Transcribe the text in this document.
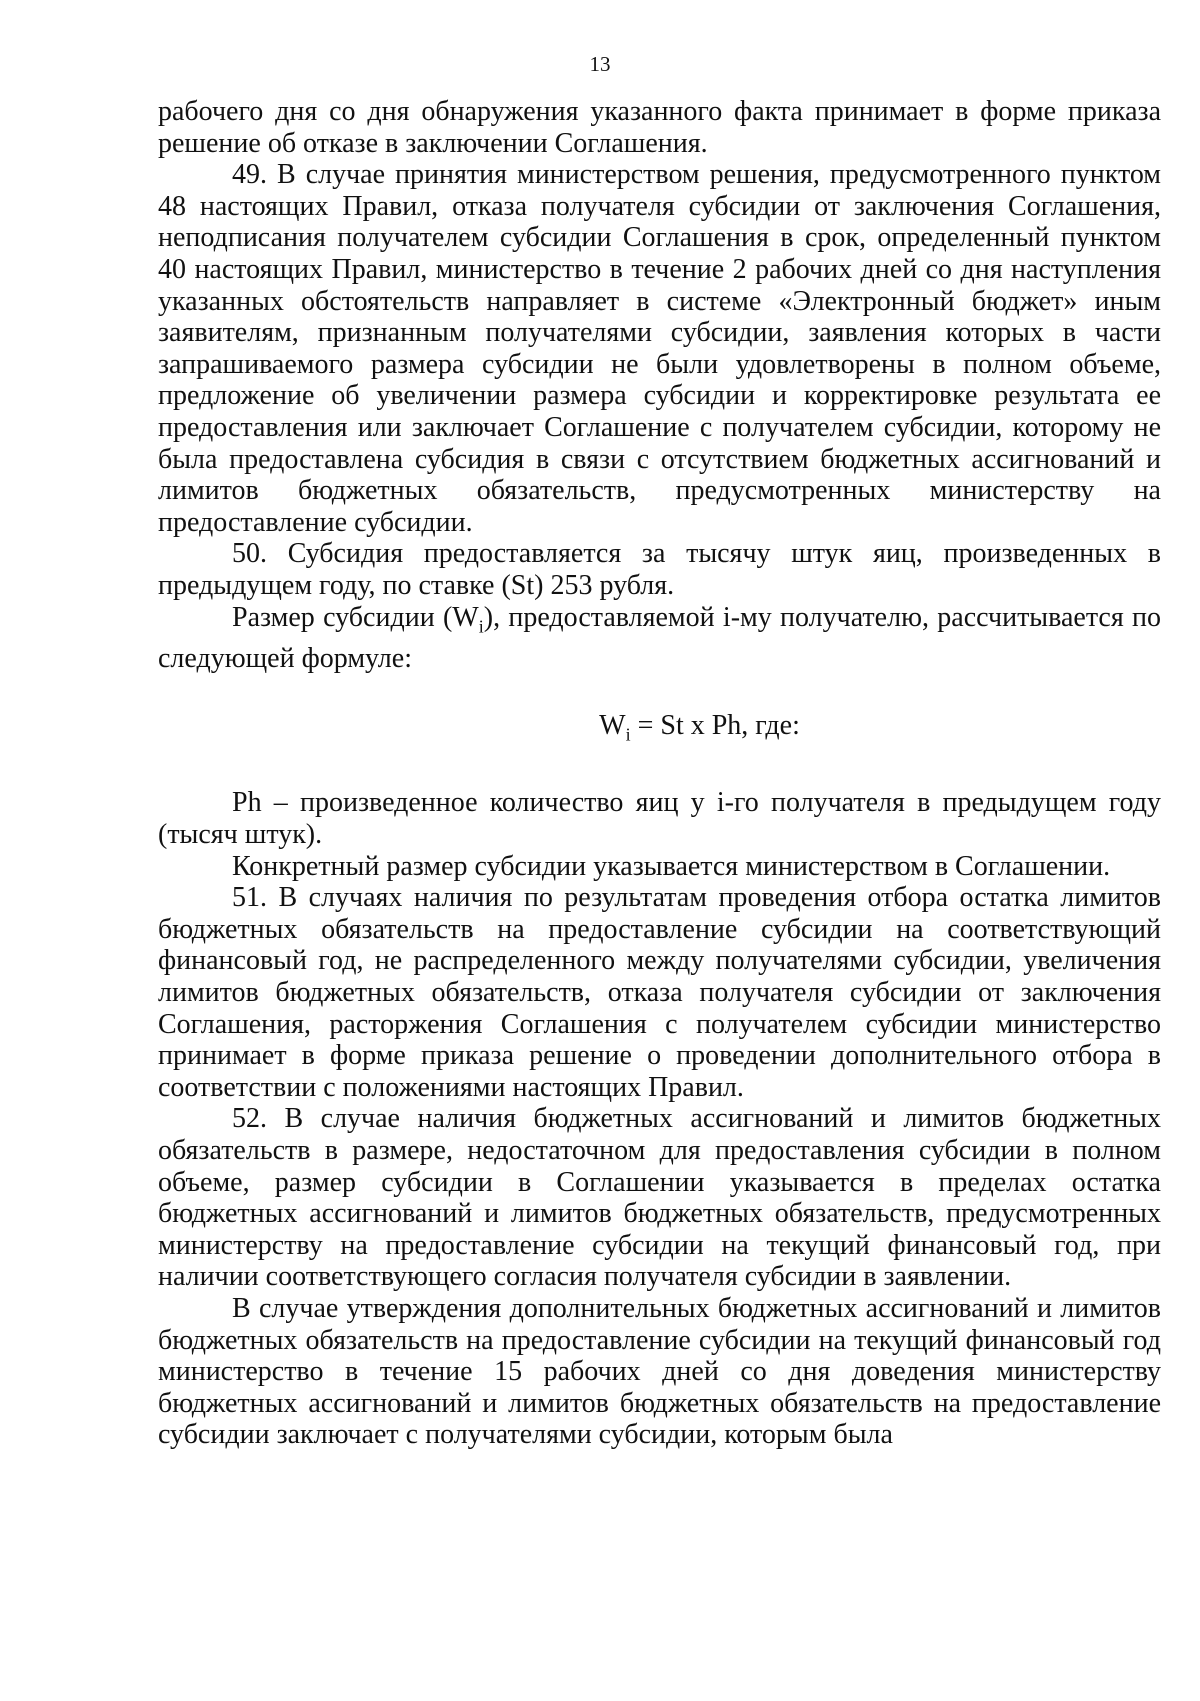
13

рабочего дня со дня обнаружения указанного факта принимает в форме приказа решение об отказе в заключении Соглашения.

49. В случае принятия министерством решения, предусмотренного пунктом 48 настоящих Правил, отказа получателя субсидии от заключения Соглашения, неподписания получателем субсидии Соглашения в срок, определенный пунктом 40 настоящих Правил, министерство в течение 2 рабочих дней со дня наступления указанных обстоятельств направляет в системе «Электронный бюджет» иным заявителям, признанным получателями субсидии, заявления которых в части запрашиваемого размера субсидии не были удовлетворены в полном объеме, предложение об увеличении размера субсидии и корректировке результата ее предоставления или заключает Соглашение с получателем субсидии, которому не была предоставлена субсидия в связи с отсутствием бюджетных ассигнований и лимитов бюджетных обязательств, предусмотренных министерству на предоставление субсидии.

50. Субсидия предоставляется за тысячу штук яиц, произведенных в предыдущем году, по ставке (St) 253 рубля.

Размер субсидии $(W_i)$, предоставляемой i-му получателю, рассчитывается по следующей формуле:

$W_i = St$ x Ph, где:

Ph – произведенное количество яиц у i-го получателя в предыдущем году (тысяч штук).

Конкретный размер субсидии указывается министерством в Соглашении.

51. В случаях наличия по результатам проведения отбора остатка лимитов бюджетных обязательств на предоставление субсидии на соответствующий финансовый год, не распределенного между получателями субсидии, увеличения лимитов бюджетных обязательств, отказа получателя субсидии от заключения Соглашения, расторжения Соглашения с получателем субсидии министерство принимает в форме приказа решение о проведении дополнительного отбора в соответствии с положениями настоящих Правил.

52. В случае наличия бюджетных ассигнований и лимитов бюджетных обязательств в размере, недостаточном для предоставления субсидии в полном объеме, размер субсидии в Соглашении указывается в пределах остатка бюджетных ассигнований и лимитов бюджетных обязательств, предусмотренных министерству на предоставление субсидии на текущий финансовый год, при наличии соответствующего согласия получателя субсидии в заявлении.

В случае утверждения дополнительных бюджетных ассигнований и лимитов бюджетных обязательств на предоставление субсидии на текущий финансовый год министерство в течение 15 рабочих дней со дня доведения министерству бюджетных ассигнований и лимитов бюджетных обязательств на предоставление субсидии заключает с получателями субсидии, которым была
